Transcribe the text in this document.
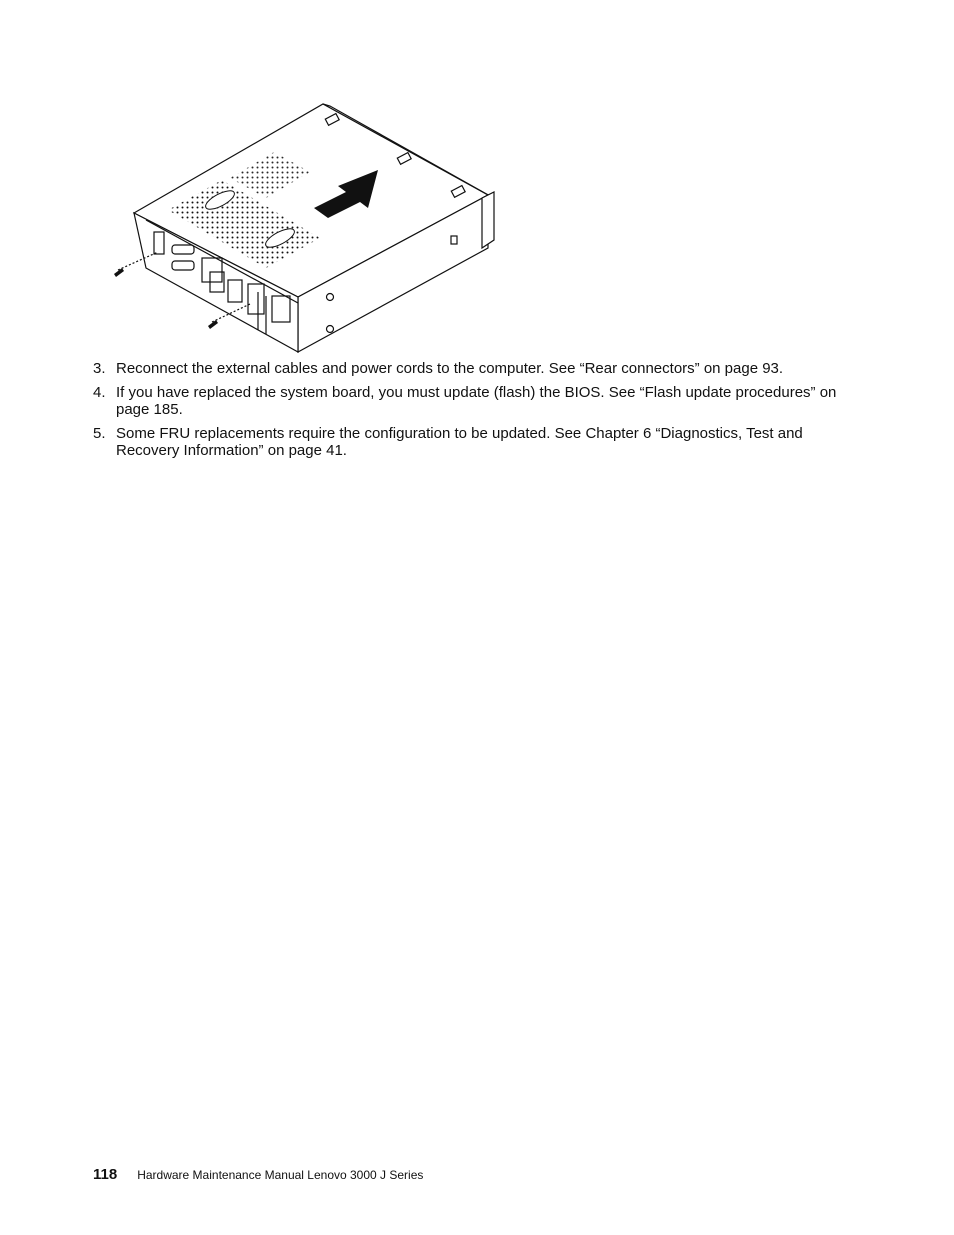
3. Reconnect the external cables and power cords to the computer. See “Rear connectors” on page 93.
4. If you have replaced the system board, you must update (flash) the BIOS. See “Flash update procedures” on page 185.
5. Some FRU replacements require the configuration to be updated. See Chapter 6 “Diagnostics, Test and Recovery Information” on page 41.
118 Hardware Maintenance Manual Lenovo 3000 J Series
